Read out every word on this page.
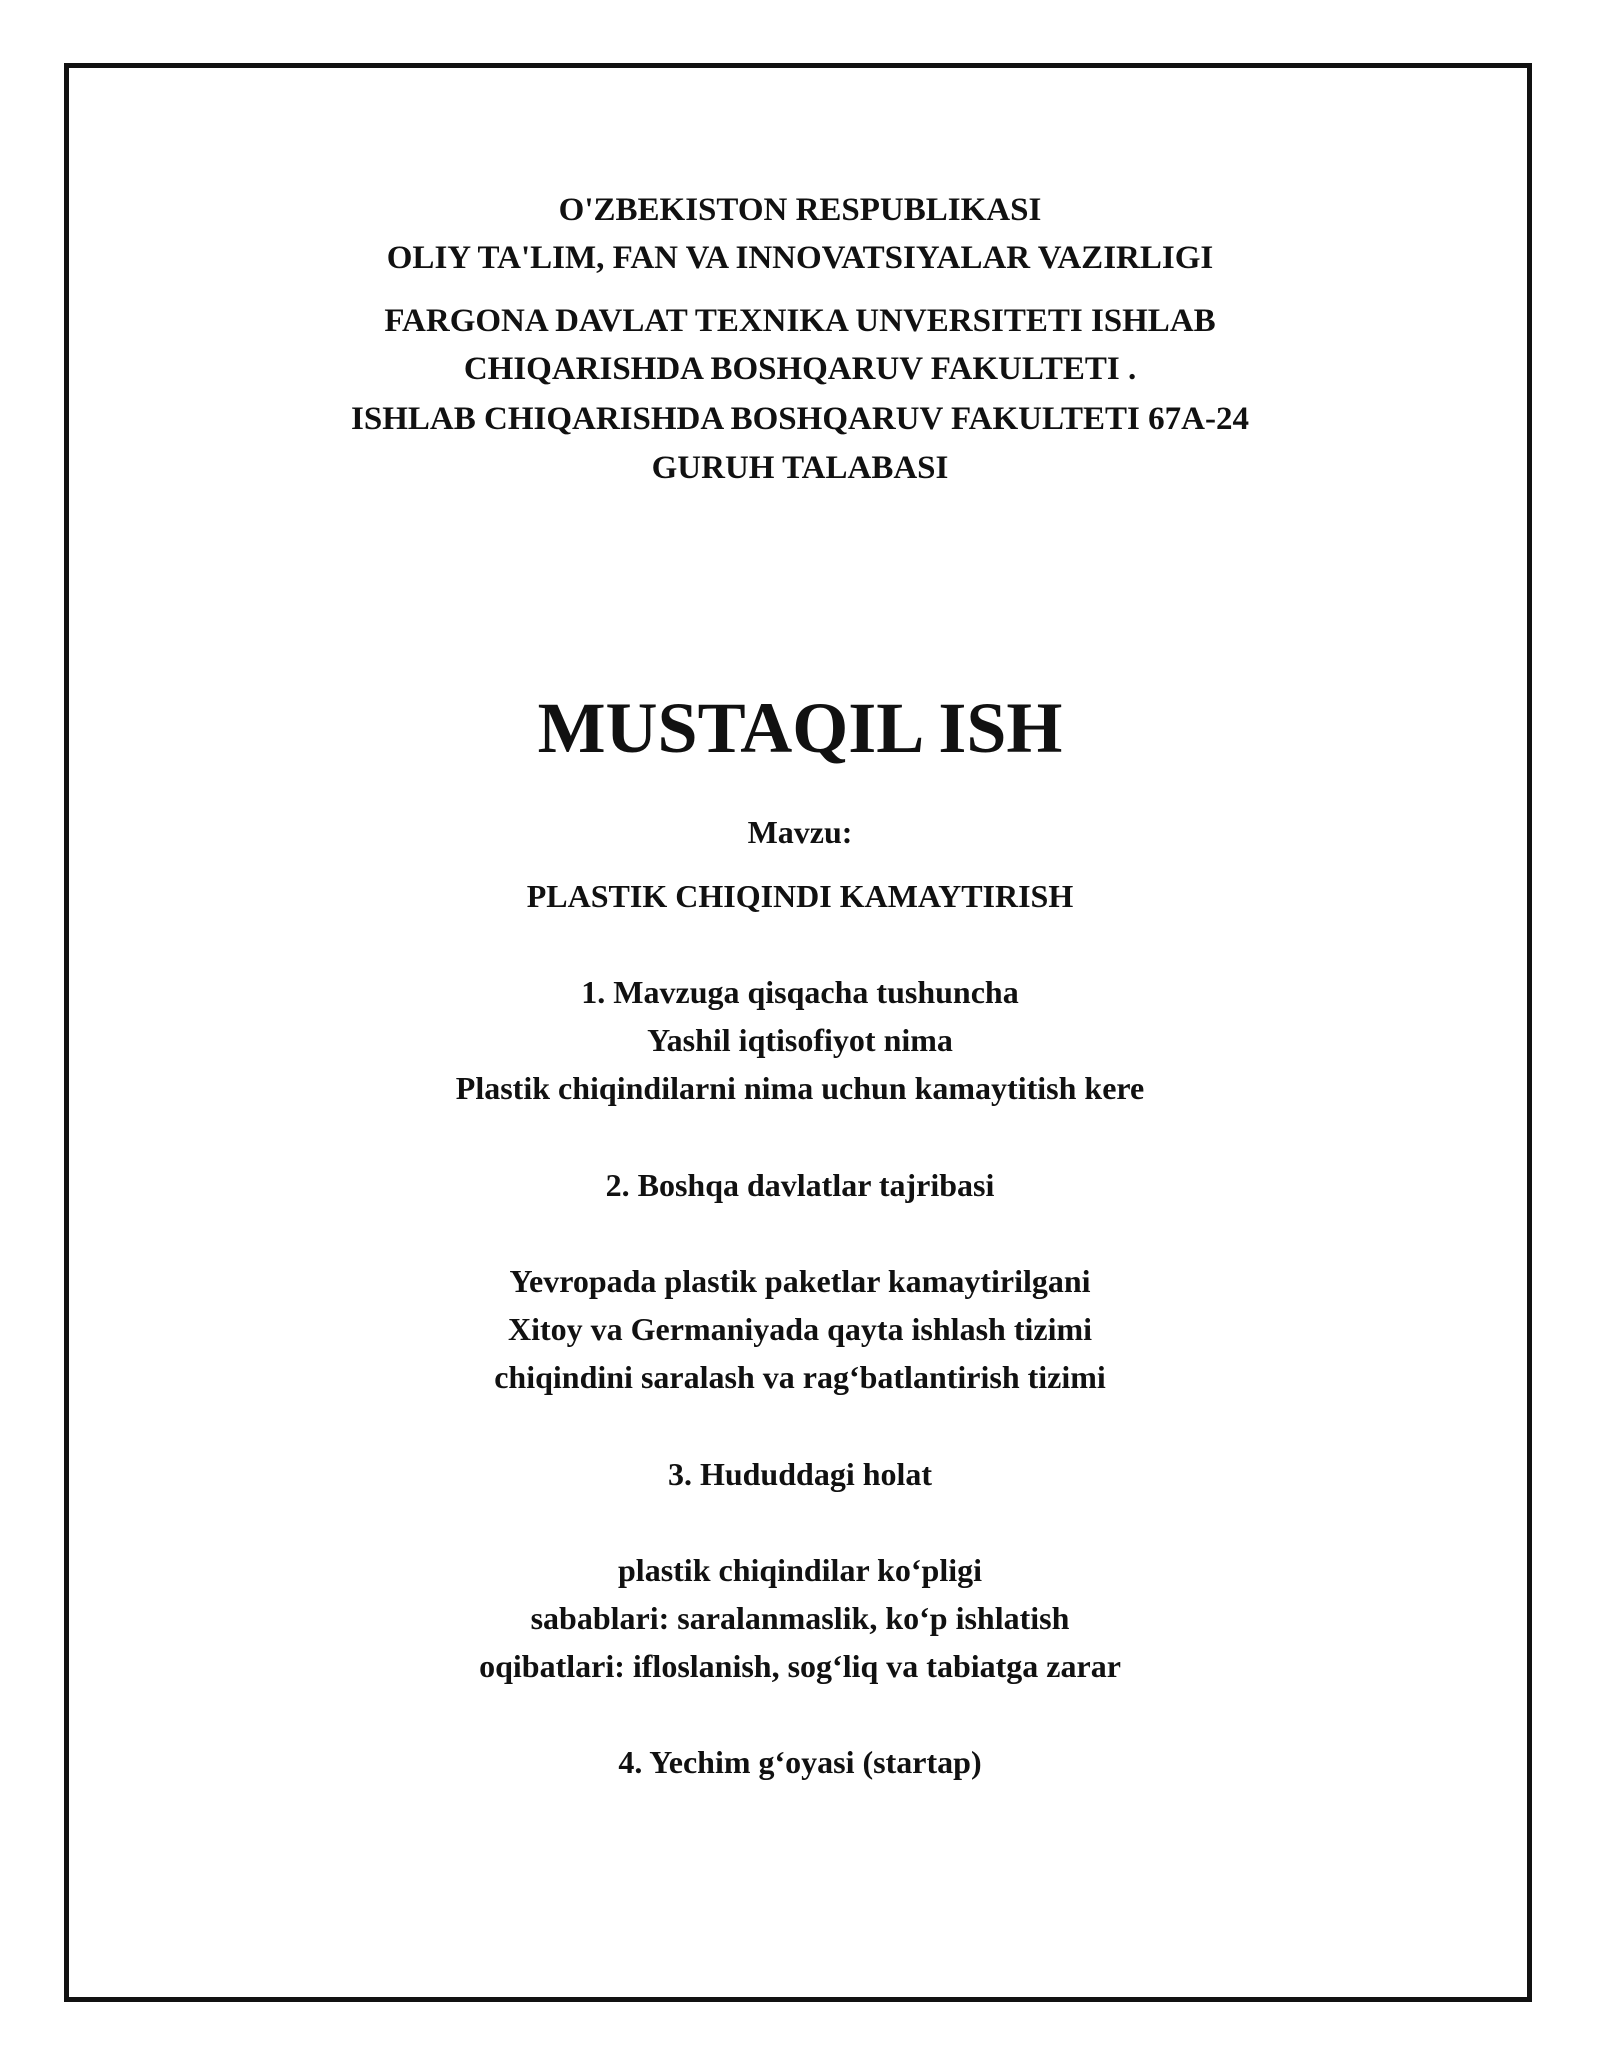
O'ZBEKISTON RESPUBLIKASI
OLIY TA'LIM, FAN VA INNOVATSIYALAR VAZIRLIGI
FARGONA DAVLAT TEXNIKA UNVERSITETI ISHLAB
CHIQARISHDA BOSHQARUV FAKULTETI .
ISHLAB CHIQARISHDA BOSHQARUV FAKULTETI 67A-24
GURUH TALABASI
MUSTAQIL ISH
Mavzu:
PLASTIK CHIQINDI KAMAYTIRISH
1. Mavzuga qisqacha tushuncha
Yashil iqtisofiyot nima
Plastik chiqindilarni nima uchun kamaytitish kere
2. Boshqa davlatlar tajribasi
Yevropada plastik paketlar kamaytirilgani
Xitoy va Germaniyada qayta ishlash tizimi
chiqindini saralash va rag‘batlantirish tizimi
3. Hududdagi holat
plastik chiqindilar ko‘pligi
sabablari: saralanmaslik, ko‘p ishlatish
oqibatlari: ifloslanish, sog‘liq va tabiatga zarar
4. Yechim g‘oyasi (startap)
